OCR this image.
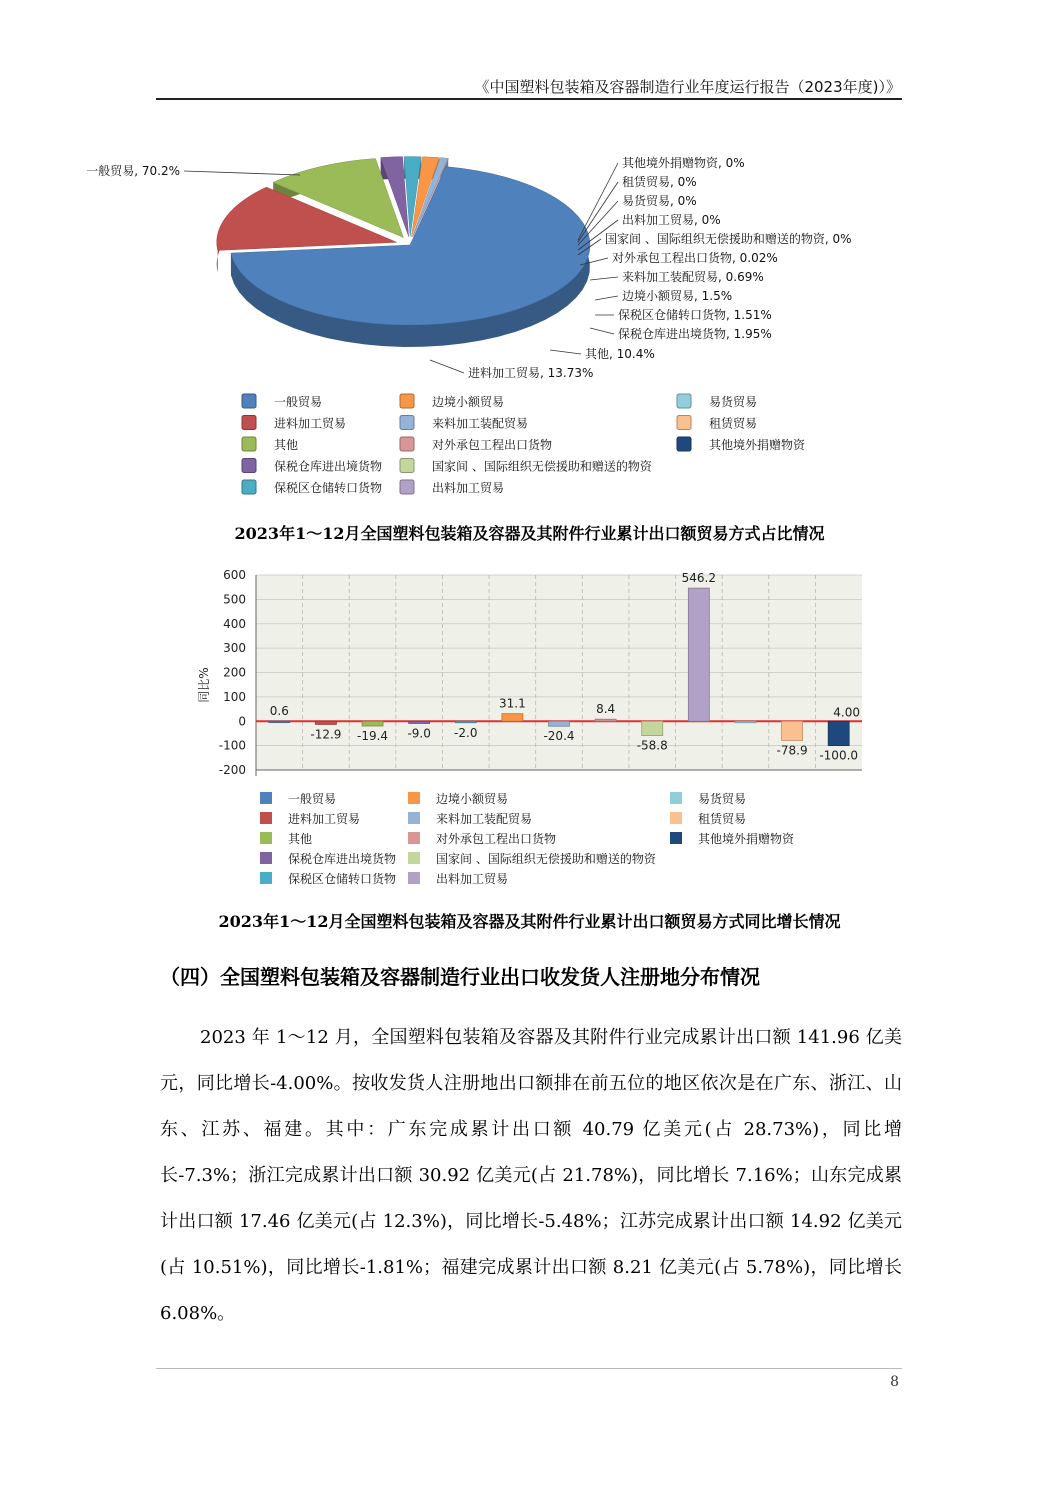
《中国塑料包装箱及容器制造行业年度运行报告（2023年度)）》
一般贸易, 70.2%
进料加工贸易, 13.73%
其他, 10.4%
保税仓库进出境货物, 1.95%
保税区仓储转口货物, 1.51%
边境小额贸易, 1.5%
来料加工装配贸易, 0.69%
对外承包工程出口货物, 0.02%
国家间 、国际组织无偿援助和赠送的物资, 0%
出料加工贸易, 0%
易货贸易, 0%
租赁贸易, 0%
其他境外捐赠物资, 0%
一般贸易
进料加工贸易
其他
保税仓库进出境货物
保税区仓储转口货物
边境小额贸易
来料加工装配贸易
对外承包工程出口货物
国家间 、国际组织无偿援助和赠送的物资
出料加工贸易
易货贸易
租赁贸易
其他境外捐赠物资
2023年1～12月全国塑料包装箱及容器及其附件行业累计出口额贸易方式占比情况
600
500
400
300
200
100
0
-100
-200
同比%
0.6
-12.9 -19.4 -9.0 -2.0
31.1
-20.4
8.4
-58.8
546.2
-78.9 -100.0
4.00
一般贸易
进料加工贸易
其他
保税仓库进出境货物
保税区仓储转口货物
边境小额贸易
来料加工装配贸易
对外承包工程出口货物
国家间 、国际组织无偿援助和赠送的物资
出料加工贸易
易货贸易
租赁贸易
其他境外捐赠物资
2023年1～12月全国塑料包装箱及容器及其附件行业累计出口额贸易方式同比增长情况
（四）全国塑料包装箱及容器制造行业出口收发货人注册地分布情况
2023 年 1～12 月，全国塑料包装箱及容器及其附件行业完成累计出口额 141.96 亿美元，同比增长-4.00%。按收发货人注册地出口额排在前五位的地区依次是在广东、浙江、山东、江苏、福建。其中：广东完成累计出口额 40.79 亿美元(占 28.73%)，同比增长-7.3%；浙江完成累计出口额 30.92 亿美元(占 21.78%)，同比增长 7.16%；山东完成累计出口额 17.46 亿美元(占 12.3%)，同比增长-5.48%；江苏完成累计出口额 14.92 亿美元(占 10.51%)，同比增长-1.81%；福建完成累计出口额 8.21 亿美元(占 5.78%)，同比增长 6.08%。
8
